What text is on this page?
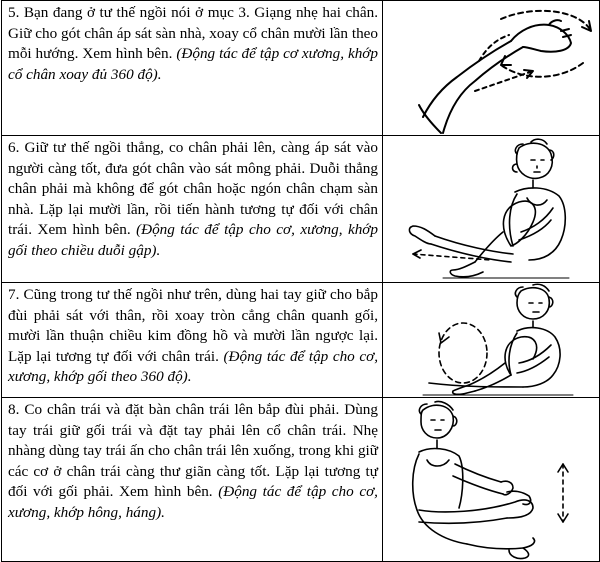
5. Bạn đang ở tư thế ngồi nói ở mục 3. Giạng nhẹ hai chân. Giữ cho gót chân áp sát sàn nhà, xoay cổ chân mười lần theo mỗi hướng. Xem hình bên. (Động tác để tập cơ xương, khớp cổ chân xoay đủ 360 độ).

6. Giữ tư thế ngồi thẳng, co chân phải lên, càng áp sát vào người càng tốt, đưa gót chân vào sát mông phải. Duỗi thẳng chân phải mà không để gót chân hoặc ngón chân chạm sàn nhà. Lặp lại mười lần, rồi tiến hành tương tự đối với chân trái. Xem hình bên. (Động tác để tập cho cơ, xương, khớp gối theo chiều duỗi gập).

7. Cũng trong tư thế ngồi như trên, dùng hai tay giữ cho bắp đùi phải sát với thân, rồi xoay tròn cẳng chân quanh gối, mười lần thuận chiều kim đồng hồ và mười lần ngược lại. Lặp lại tương tự đối với chân trái. (Động tác để tập cho cơ, xương, khớp gối theo 360 độ).

8. Co chân trái và đặt bàn chân trái lên bắp đùi phải. Dùng tay trái giữ gối trái và đặt tay phải lên cổ chân trái. Nhẹ nhàng dùng tay trái ấn cho chân trái lên xuống, trong khi giữ các cơ ở chân trái càng thư giãn càng tốt. Lặp lại tương tự đối với gối phải. Xem hình bên. (Động tác để tập cho cơ, xương, khớp hông, háng).
